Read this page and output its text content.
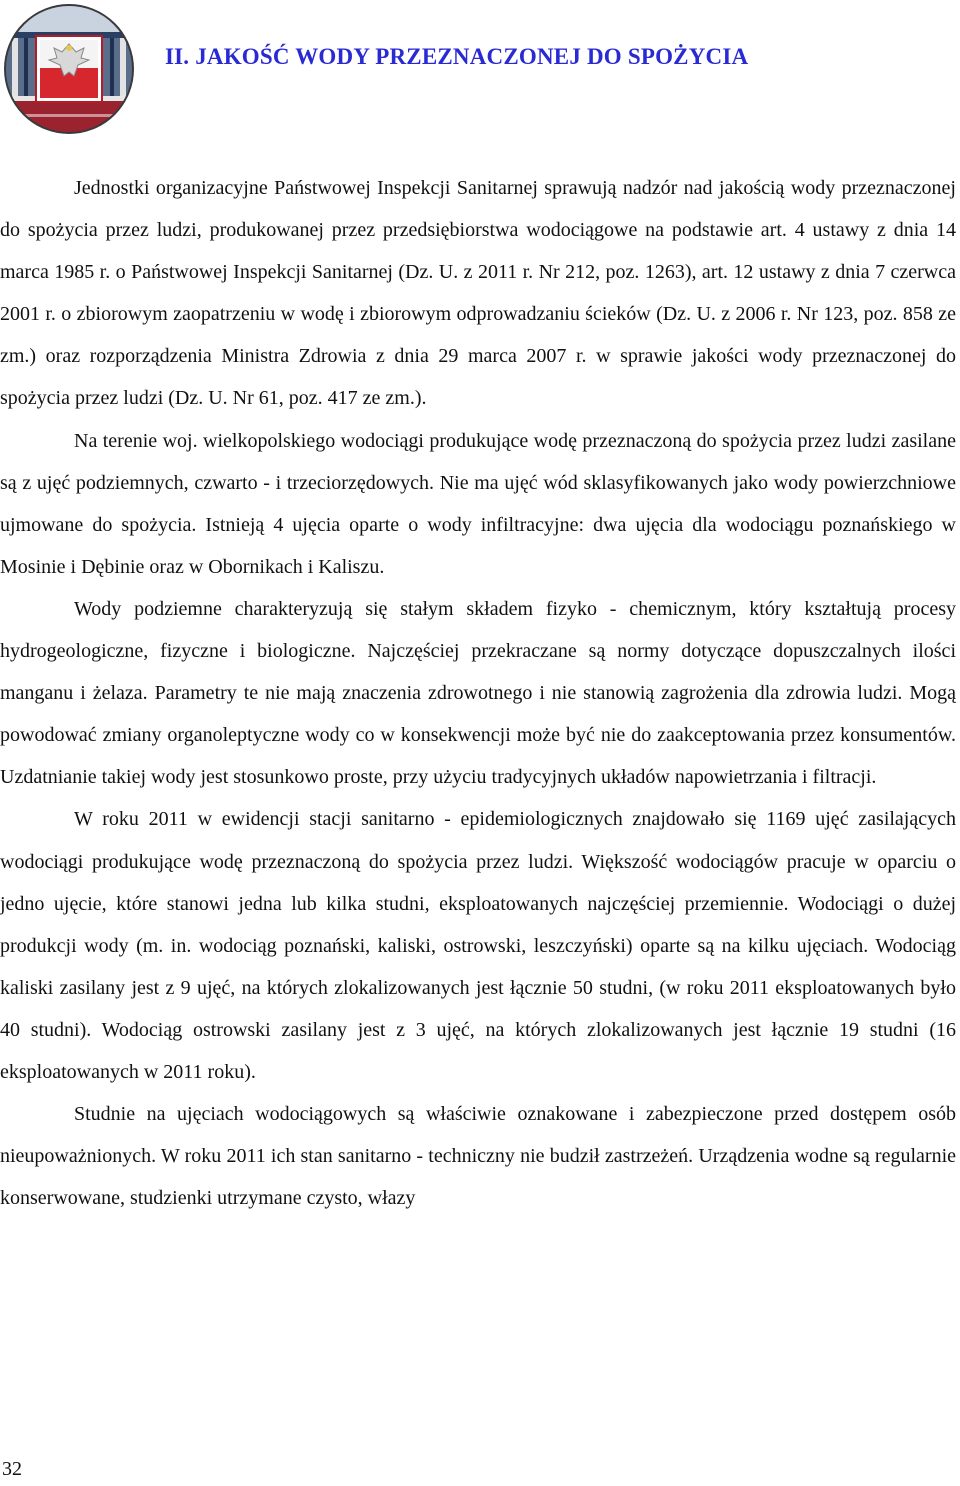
II. JAKOŚĆ WODY PRZEZNACZONEJ DO SPOŻYCIA

Jednostki organizacyjne Państwowej Inspekcji Sanitarnej sprawują nadzór nad jakością wody przeznaczonej do spożycia przez ludzi, produkowanej przez przedsiębiorstwa wodociągowe na podstawie art. 4 ustawy z dnia 14 marca 1985 r. o Państwowej Inspekcji Sanitarnej (Dz. U. z 2011 r. Nr 212, poz. 1263), art. 12 ustawy z dnia 7 czerwca 2001 r. o zbiorowym zaopatrzeniu w wodę i zbiorowym odprowadzaniu ścieków (Dz. U. z 2006 r. Nr 123, poz. 858 ze zm.) oraz rozporządzenia Ministra Zdrowia z dnia 29 marca 2007 r. w sprawie jakości wody przeznaczonej do spożycia przez ludzi (Dz. U. Nr 61, poz. 417 ze zm.).

Na terenie woj. wielkopolskiego wodociągi produkujące wodę przeznaczoną do spożycia przez ludzi zasilane są z ujęć podziemnych, czwarto - i trzeciorzędowych. Nie ma ujęć wód sklasyfikowanych jako wody powierzchniowe ujmowane do spożycia. Istnieją 4 ujęcia oparte o wody infiltracyjne: dwa ujęcia dla wodociągu poznańskiego w Mosinie i Dębinie oraz w Obornikach i Kaliszu.

Wody podziemne charakteryzują się stałym składem fizyko - chemicznym, który kształtują procesy hydrogeologiczne, fizyczne i biologiczne. Najczęściej przekraczane są normy dotyczące dopuszczalnych ilości manganu i żelaza. Parametry te nie mają znaczenia zdrowotnego i nie stanowią zagrożenia dla zdrowia ludzi. Mogą powodować zmiany organoleptyczne wody co w konsekwencji może być nie do zaakceptowania przez konsumentów. Uzdatnianie takiej wody jest stosunkowo proste, przy użyciu tradycyjnych układów napowietrzania i filtracji.

W roku 2011 w ewidencji stacji sanitarno - epidemiologicznych znajdowało się 1169 ujęć zasilających wodociągi produkujące wodę przeznaczoną do spożycia przez ludzi. Większość wodociągów pracuje w oparciu o jedno ujęcie, które stanowi jedna lub kilka studni, eksploatowanych najczęściej przemiennie. Wodociągi o dużej produkcji wody (m. in. wodociąg poznański, kaliski, ostrowski, leszczyński) oparte są na kilku ujęciach. Wodociąg kaliski zasilany jest z 9 ujęć, na których zlokalizowanych jest łącznie 50 studni, (w roku 2011 eksploatowanych było 40 studni). Wodociąg ostrowski zasilany jest z 3 ujęć, na których zlokalizowanych jest łącznie 19 studni (16 eksploatowanych w 2011 roku).

Studnie na ujęciach wodociągowych są właściwie oznakowane i zabezpieczone przed dostępem osób nieupoważnionych. W roku 2011 ich stan sanitarno - techniczny nie budził zastrzeżeń. Urządzenia wodne są regularnie konserwowane, studzienki utrzymane czysto, włazy

32
